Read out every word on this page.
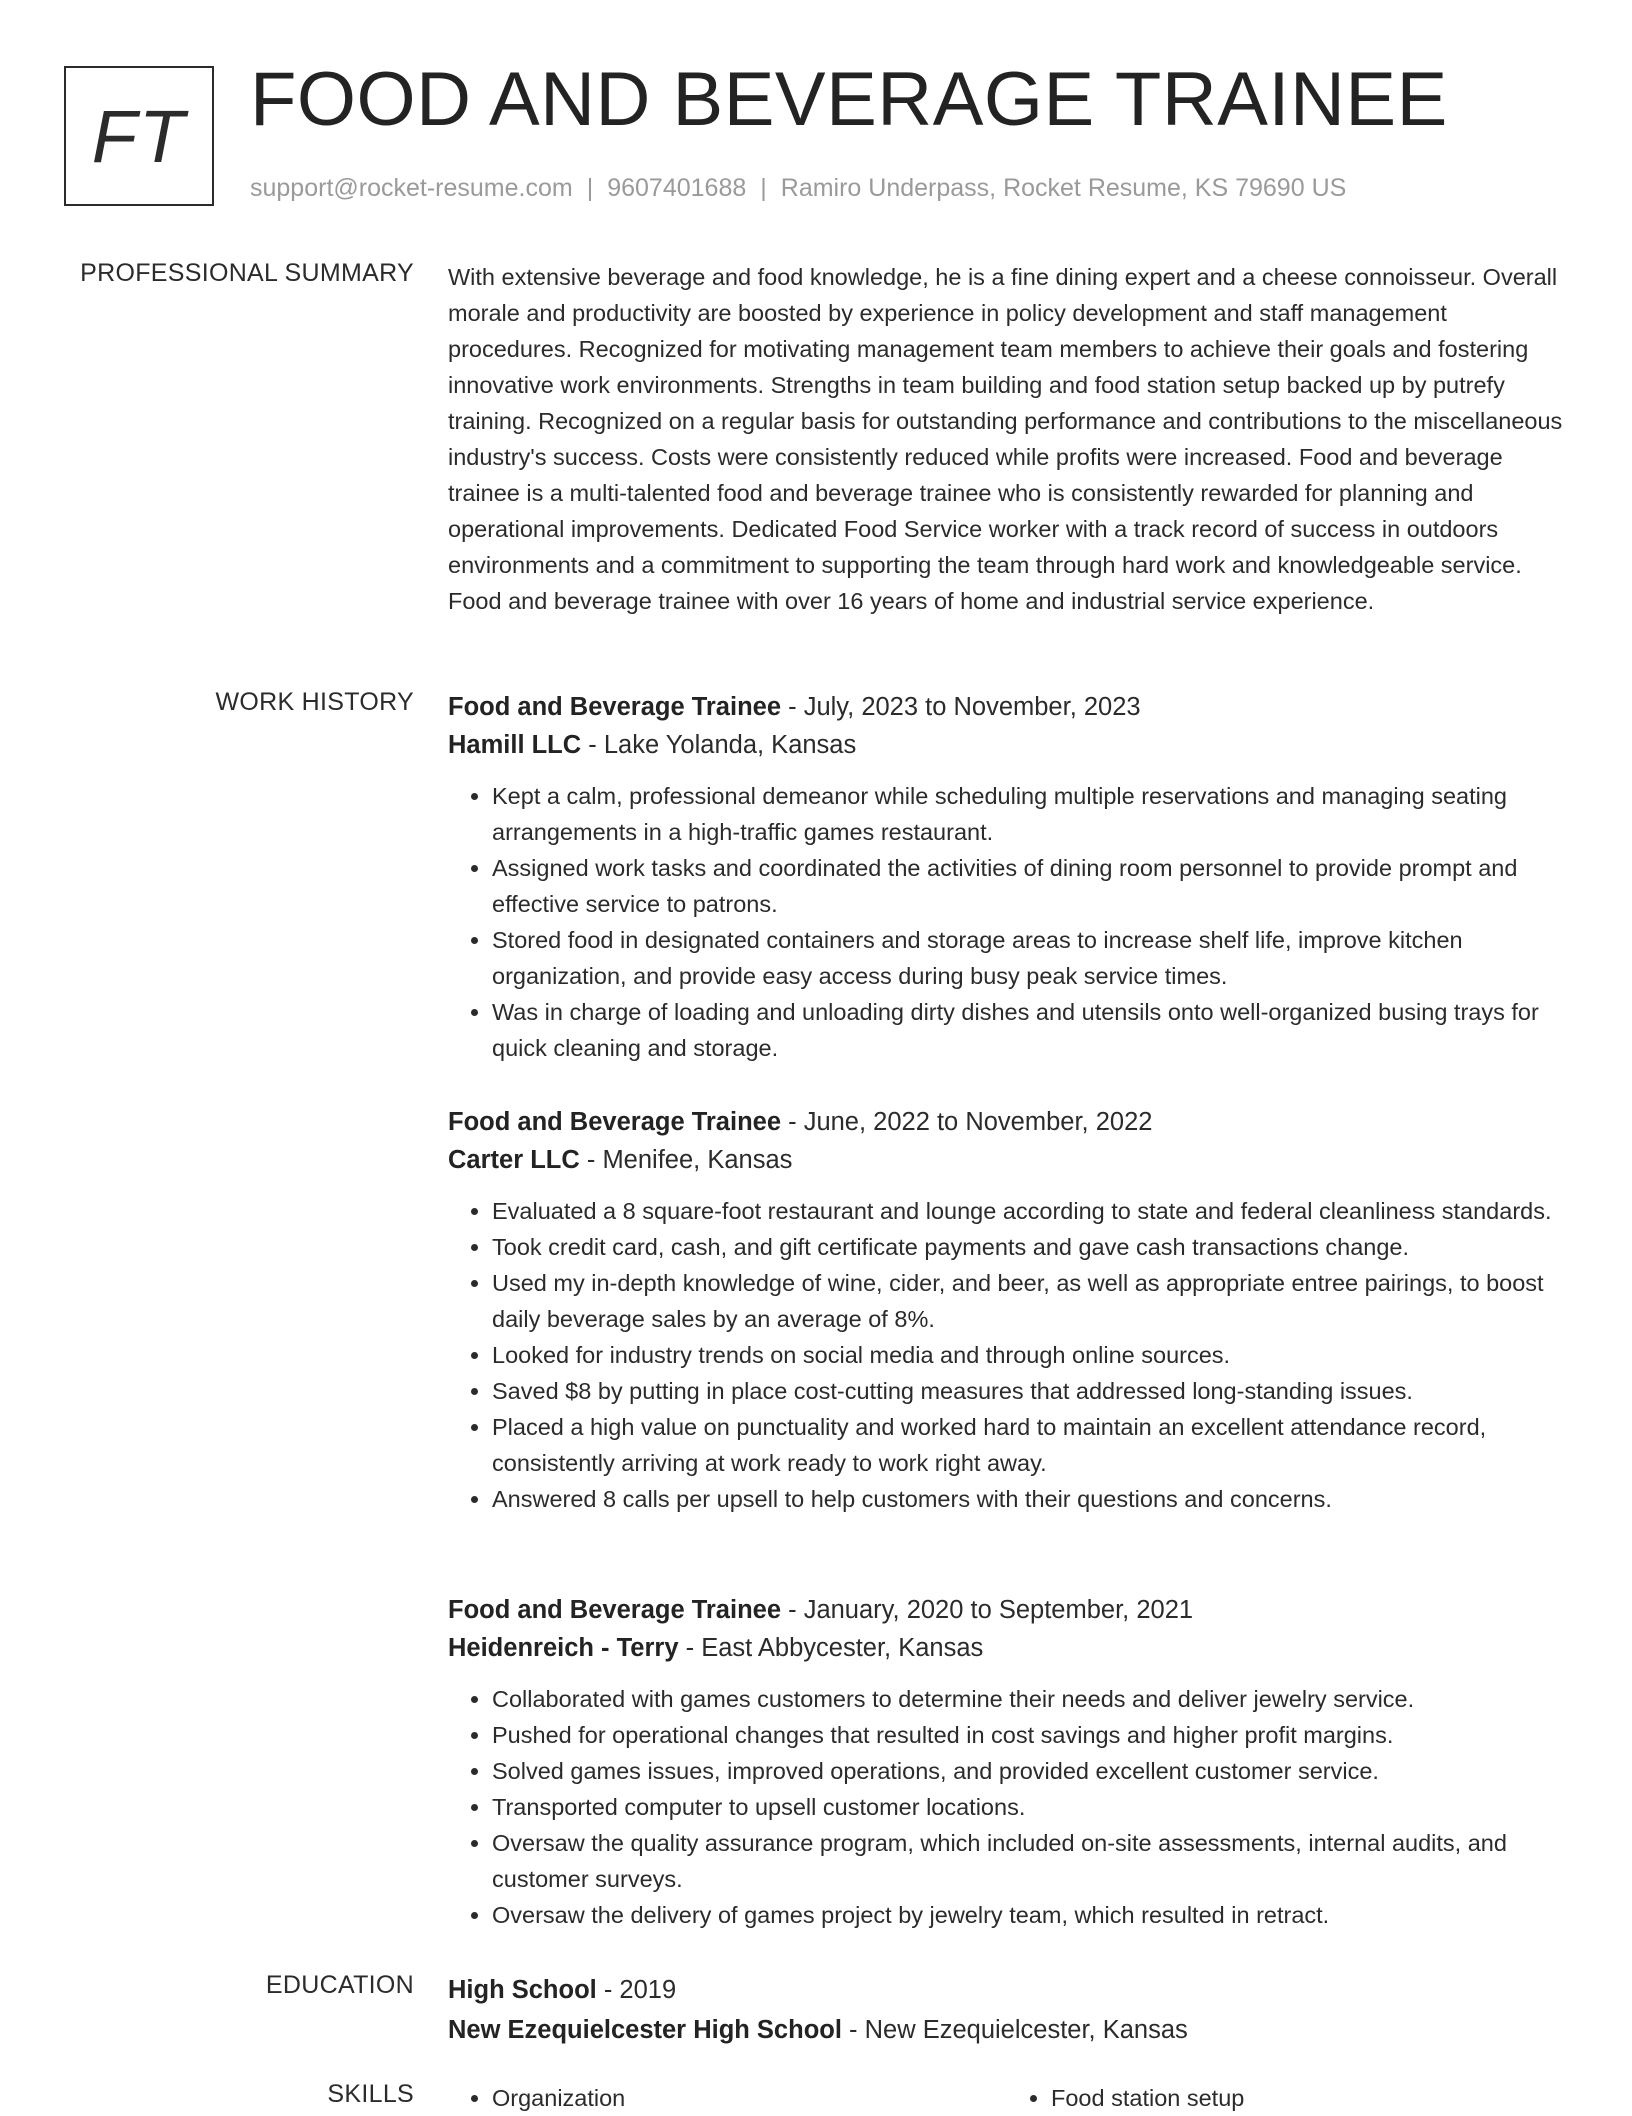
FT FOOD AND BEVERAGE TRAINEE
support@rocket-resume.com | 9607401688 | Ramiro Underpass, Rocket Resume, KS 79690 US
PROFESSIONAL SUMMARY With extensive beverage and food knowledge, he is a fine dining expert and a cheese connoisseur. Overall morale and productivity are boosted by experience in policy development and staff management procedures. Recognized for motivating management team members to achieve their goals and fostering innovative work environments. Strengths in team building and food station setup backed up by putrefy training. Recognized on a regular basis for outstanding performance and contributions to the miscellaneous industry's success. Costs were consistently reduced while profits were increased. Food and beverage trainee is a multi-talented food and beverage trainee who is consistently rewarded for planning and operational improvements. Dedicated Food Service worker with a track record of success in outdoors environments and a commitment to supporting the team through hard work and knowledgeable service. Food and beverage trainee with over 16 years of home and industrial service experience.

WORK HISTORY Food and Beverage Trainee - July, 2023 to November, 2023
Hamill LLC - Lake Yolanda, Kansas
• Kept a calm, professional demeanor while scheduling multiple reservations and managing seating arrangements in a high-traffic games restaurant.
• Assigned work tasks and coordinated the activities of dining room personnel to provide prompt and effective service to patrons.
• Stored food in designated containers and storage areas to increase shelf life, improve kitchen organization, and provide easy access during busy peak service times.
• Was in charge of loading and unloading dirty dishes and utensils onto well-organized busing trays for quick cleaning and storage.
Food and Beverage Trainee - June, 2022 to November, 2022
Carter LLC - Menifee, Kansas
• Evaluated a 8 square-foot restaurant and lounge according to state and federal cleanliness standards.
• Took credit card, cash, and gift certificate payments and gave cash transactions change.
• Used my in-depth knowledge of wine, cider, and beer, as well as appropriate entree pairings, to boost daily beverage sales by an average of 8%.
• Looked for industry trends on social media and through online sources.
• Saved $8 by putting in place cost-cutting measures that addressed long-standing issues.
• Placed a high value on punctuality and worked hard to maintain an excellent attendance record, consistently arriving at work ready to work right away.
• Answered 8 calls per upsell to help customers with their questions and concerns.
Food and Beverage Trainee - January, 2020 to September, 2021
Heidenreich - Terry - East Abbycester, Kansas
• Collaborated with games customers to determine their needs and deliver jewelry service.
• Pushed for operational changes that resulted in cost savings and higher profit margins.
• Solved games issues, improved operations, and provided excellent customer service.
• Transported computer to upsell customer locations.
• Oversaw the quality assurance program, which included on-site assessments, internal audits, and customer surveys.
• Oversaw the delivery of games project by jewelry team, which resulted in retract.
EDUCATION High School - 2019
New Ezequielcester High School - New Ezequielcester, Kansas
SKILLS	• Organization	• Food station setup
